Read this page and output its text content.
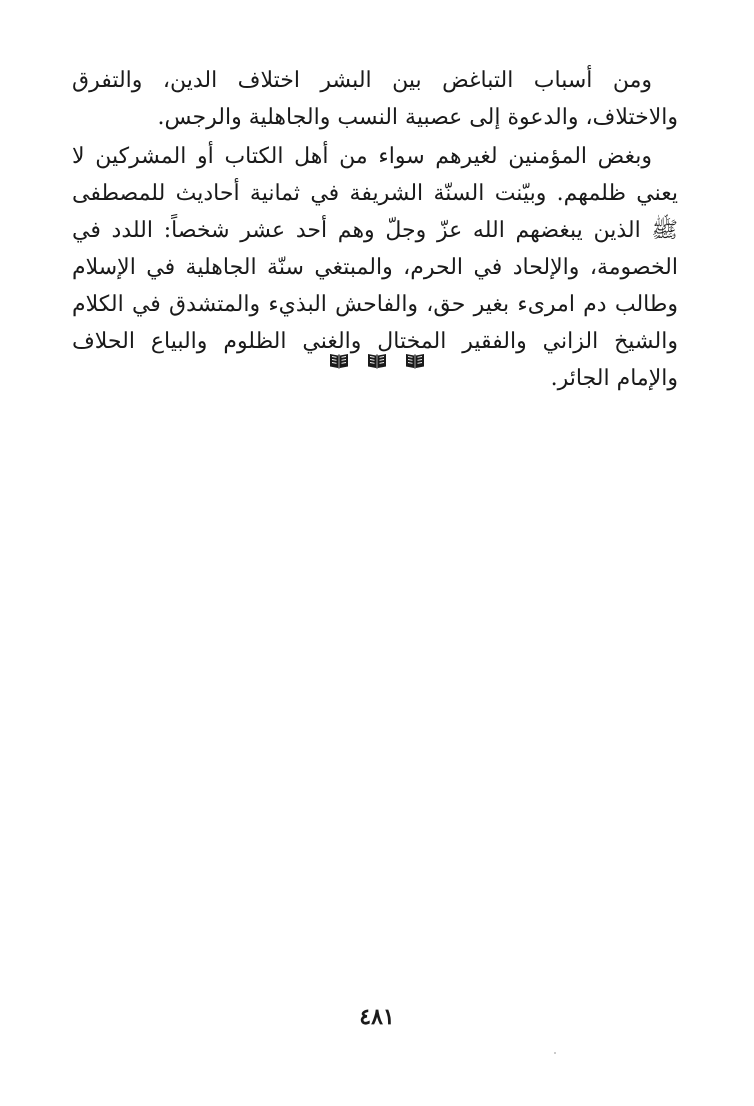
ومن أسباب التباغض بين البشر اختلاف الدين، والتفرق والاختلاف، والدعوة إلى عصبية النسب والجاهلية والرجس.

وبغض المؤمنين لغيرهم سواء من أهل الكتاب أو المشركين لا يعني ظلمهم. وبيّنت السنّة الشريفة في ثمانية أحاديث للمصطفى ﷺ الذين يبغضهم الله عزّ وجلّ وهم أحد عشر شخصاً: اللدد في الخصومة، والإلحاد في الحرم، والمبتغي سنّة الجاهلية في الإسلام وطالب دم امرىء بغير حق، والفاحش البذيء والمتشدق في الكلام والشيخ الزاني والفقير المختال والغني الظلوم والبياع الحلاف والإمام الجائر.

٤٨١
